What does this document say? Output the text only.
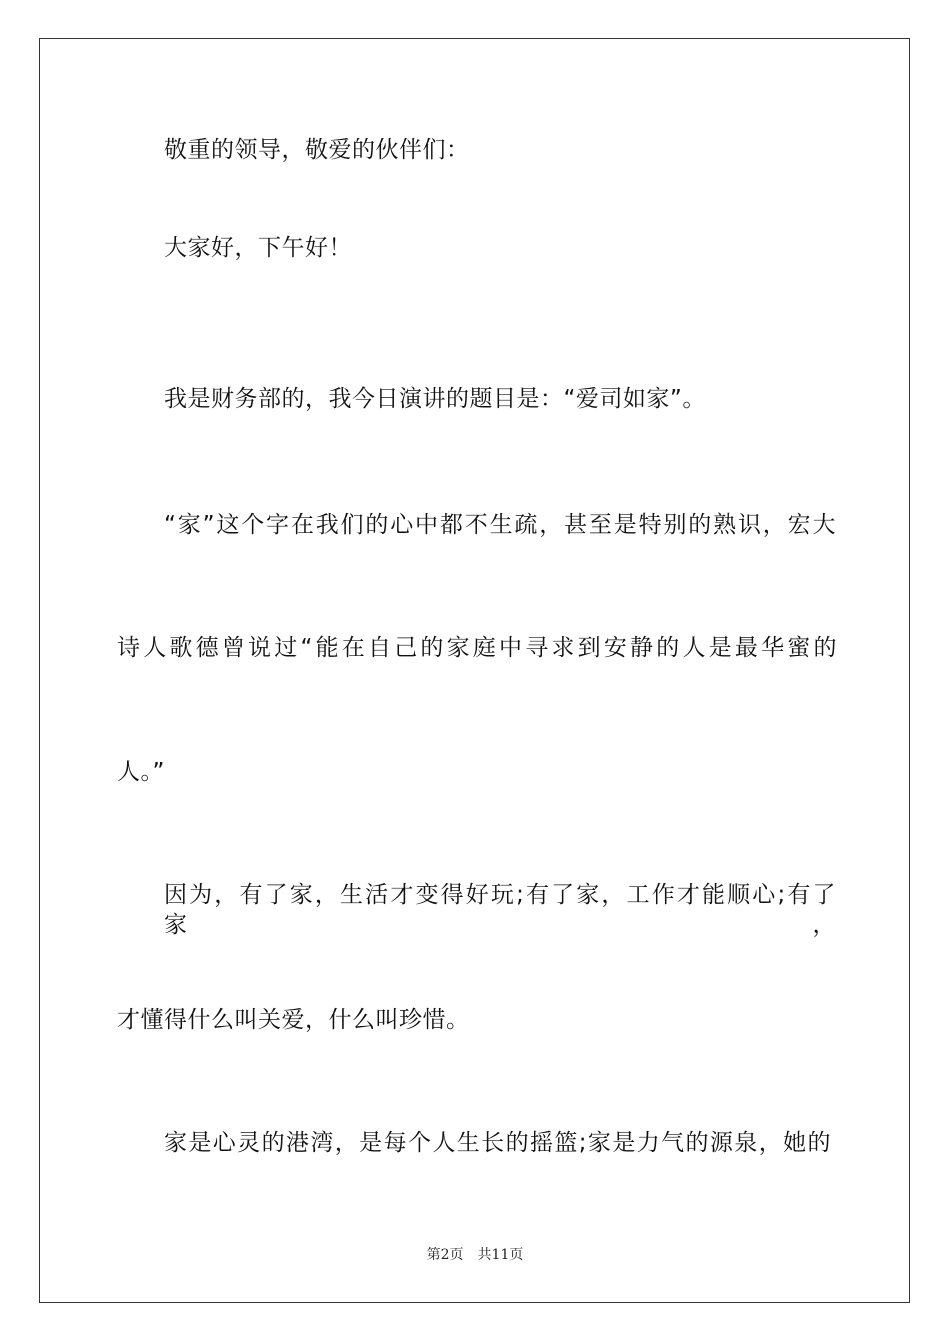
敬重的领导，敬爱的伙伴们：
大家好，下午好！
我是财务部的，我今日演讲的题目是：“爱司如家”。
“家”这个字在我们的心中都不生疏，甚至是特别的熟识，宏大
诗人歌德曾说过“能在自己的家庭中寻求到安静的人是最华蜜的
人。”
因为，有了家，生活才变得好玩;有了家，工作才能顺心;有了家，
才懂得什么叫关爱，什么叫珍惜。
家是心灵的港湾，是每个人生长的摇篮;家是力气的源泉，她的
第2页 共11页
